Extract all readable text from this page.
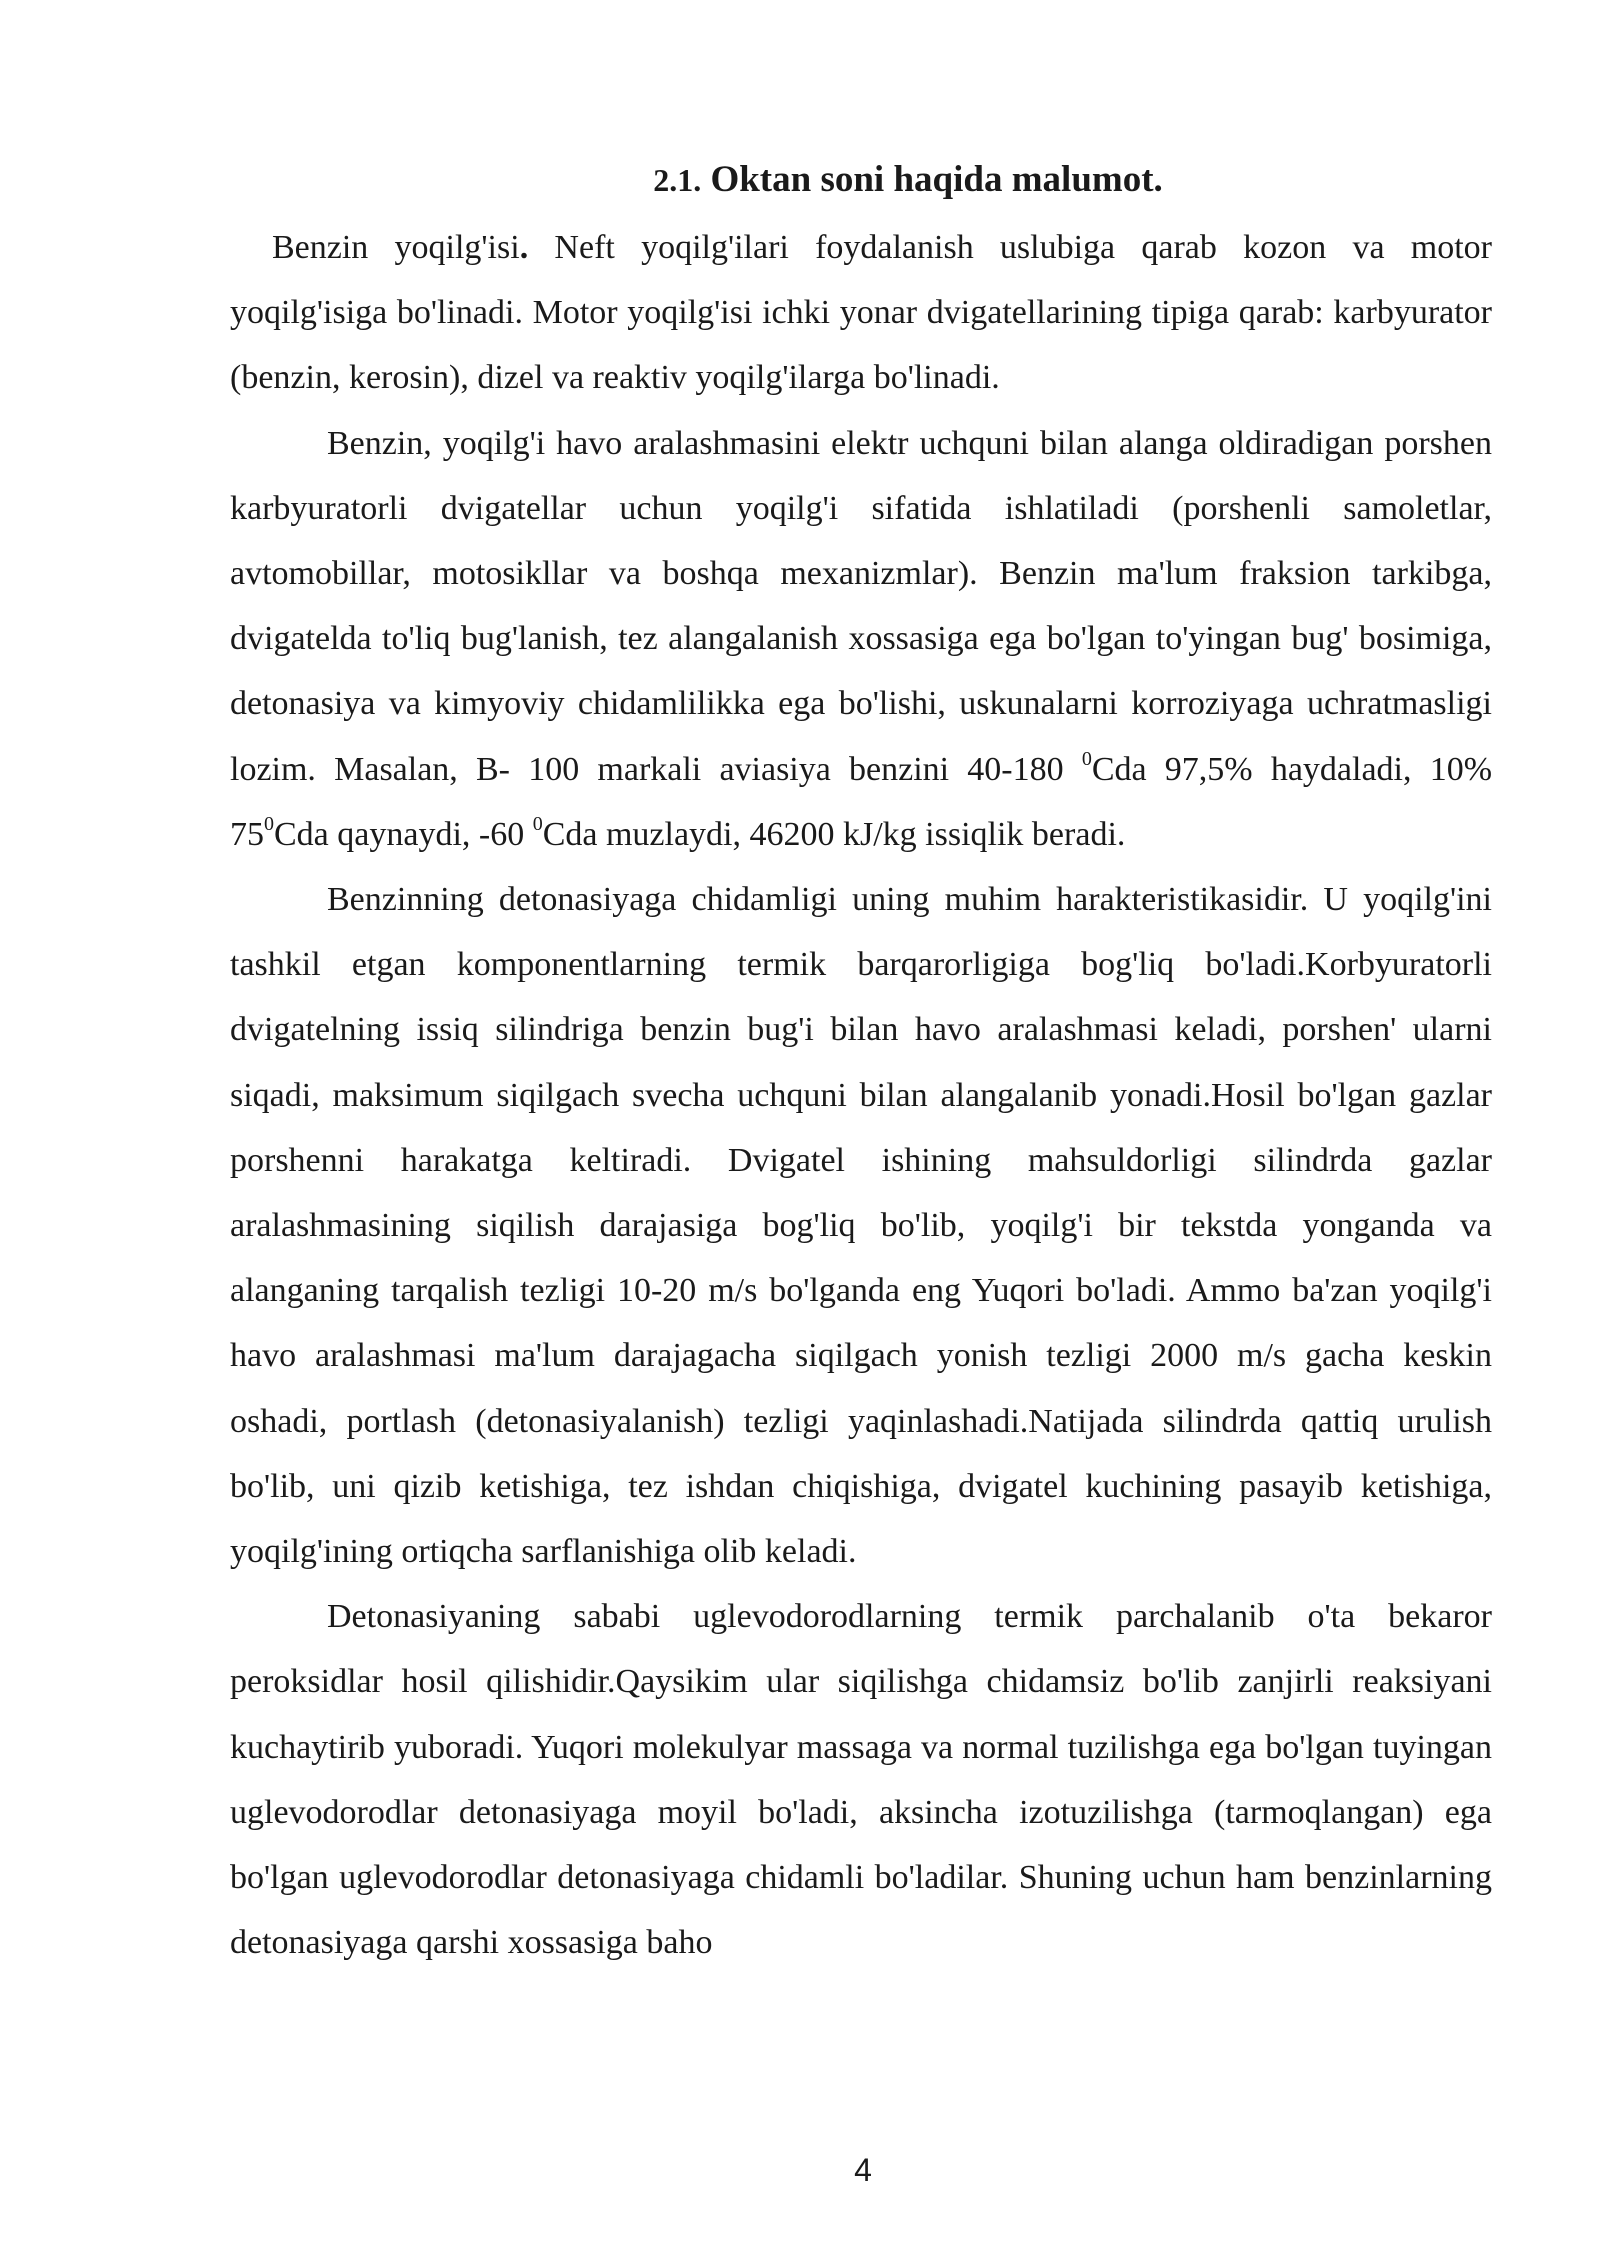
2.1. Oktan soni haqida malumot.

Benzin yoqilg'isi. Neft yoqilg'ilari foydalanish uslubiga qarab kozon va motor yoqilg'isiga bo'linadi. Motor yoqilg'isi ichki yonar dvigatellarining tipiga qarab: karbyurator (benzin, kerosin), dizel va reaktiv yoqilg'ilarga bo'linadi.

Benzin, yoqilg'i havo aralashmasini elektr uchquni bilan alanga oldiradigan porshen karbyuratorli dvigatellar uchun yoqilg'i sifatida ishlatiladi (porshenli samoletlar, avtomobillar, motosikllar va boshqa mexanizmlar). Benzin ma'lum fraksion tarkibga, dvigatelda to'liq bug'lanish, tez alangalanish xossasiga ega bo'lgan to'yingan bug' bosimiga, detonasiya va kimyoviy chidamlilikka ega bo'lishi, uskunalarni korroziyaga uchratmasligi lozim. Masalan, B- 100 markali aviasiya benzini 40-180 $^0$Cda 97,5% haydaladi, 10% $75^0Cda$ qaynaydi, -60 $^0$Cda muzlaydi, 46200 kJ/kg issiqlik beradi.

Benzinning detonasiyaga chidamligi uning muhim harakteristikasidir. U yoqilg'ini tashkil etgan komponentlarning termik barqarorligiga bog'liq bo'ladi.Korbyuratorli dvigatelning issiq silindriga benzin bug'i bilan havo aralashmasi keladi, porshen' ularni siqadi, maksimum siqilgach svecha uchquni bilan alangalanib yonadi.Hosil bo'lgan gazlar porshenni harakatga keltiradi. Dvigatel ishining mahsuldorligi silindrda gazlar aralashmasining siqilish darajasiga bog'liq bo'lib, yoqilg'i bir tekstda yonganda va alanganing tarqalish tezligi 10-20 m/s bo'lganda eng Yuqori bo'ladi. Ammo ba'zan yoqilg'i havo aralashmasi ma'lum darajagacha siqilgach yonish tezligi 2000 m/s gacha keskin oshadi, portlash (detonasiyalanish) tezligi yaqinlashadi.Natijada silindrda qattiq urulish bo'lib, uni qizib ketishiga, tez ishdan chiqishiga, dvigatel kuchining pasayib ketishiga, yoqilg'ining ortiqcha sarflanishiga olib keladi.

Detonasiyaning sababi uglevodorodlarning termik parchalanib o'ta bekaror peroksidlar hosil qilishidir.Qaysikim ular siqilishga chidamsiz bo'lib zanjirli reaksiyani kuchaytirib yuboradi. Yuqori molekulyar massaga va normal tuzilishga ega bo'lgan tuyingan uglevodorodlar detonasiyaga moyil bo'ladi, aksincha izotuzilishga (tarmoqlangan) ega bo'lgan uglevodorodlar detonasiyaga chidamli bo'ladilar. Shuning uchun ham benzinlarning detonasiyaga qarshi xossasiga baho

4
